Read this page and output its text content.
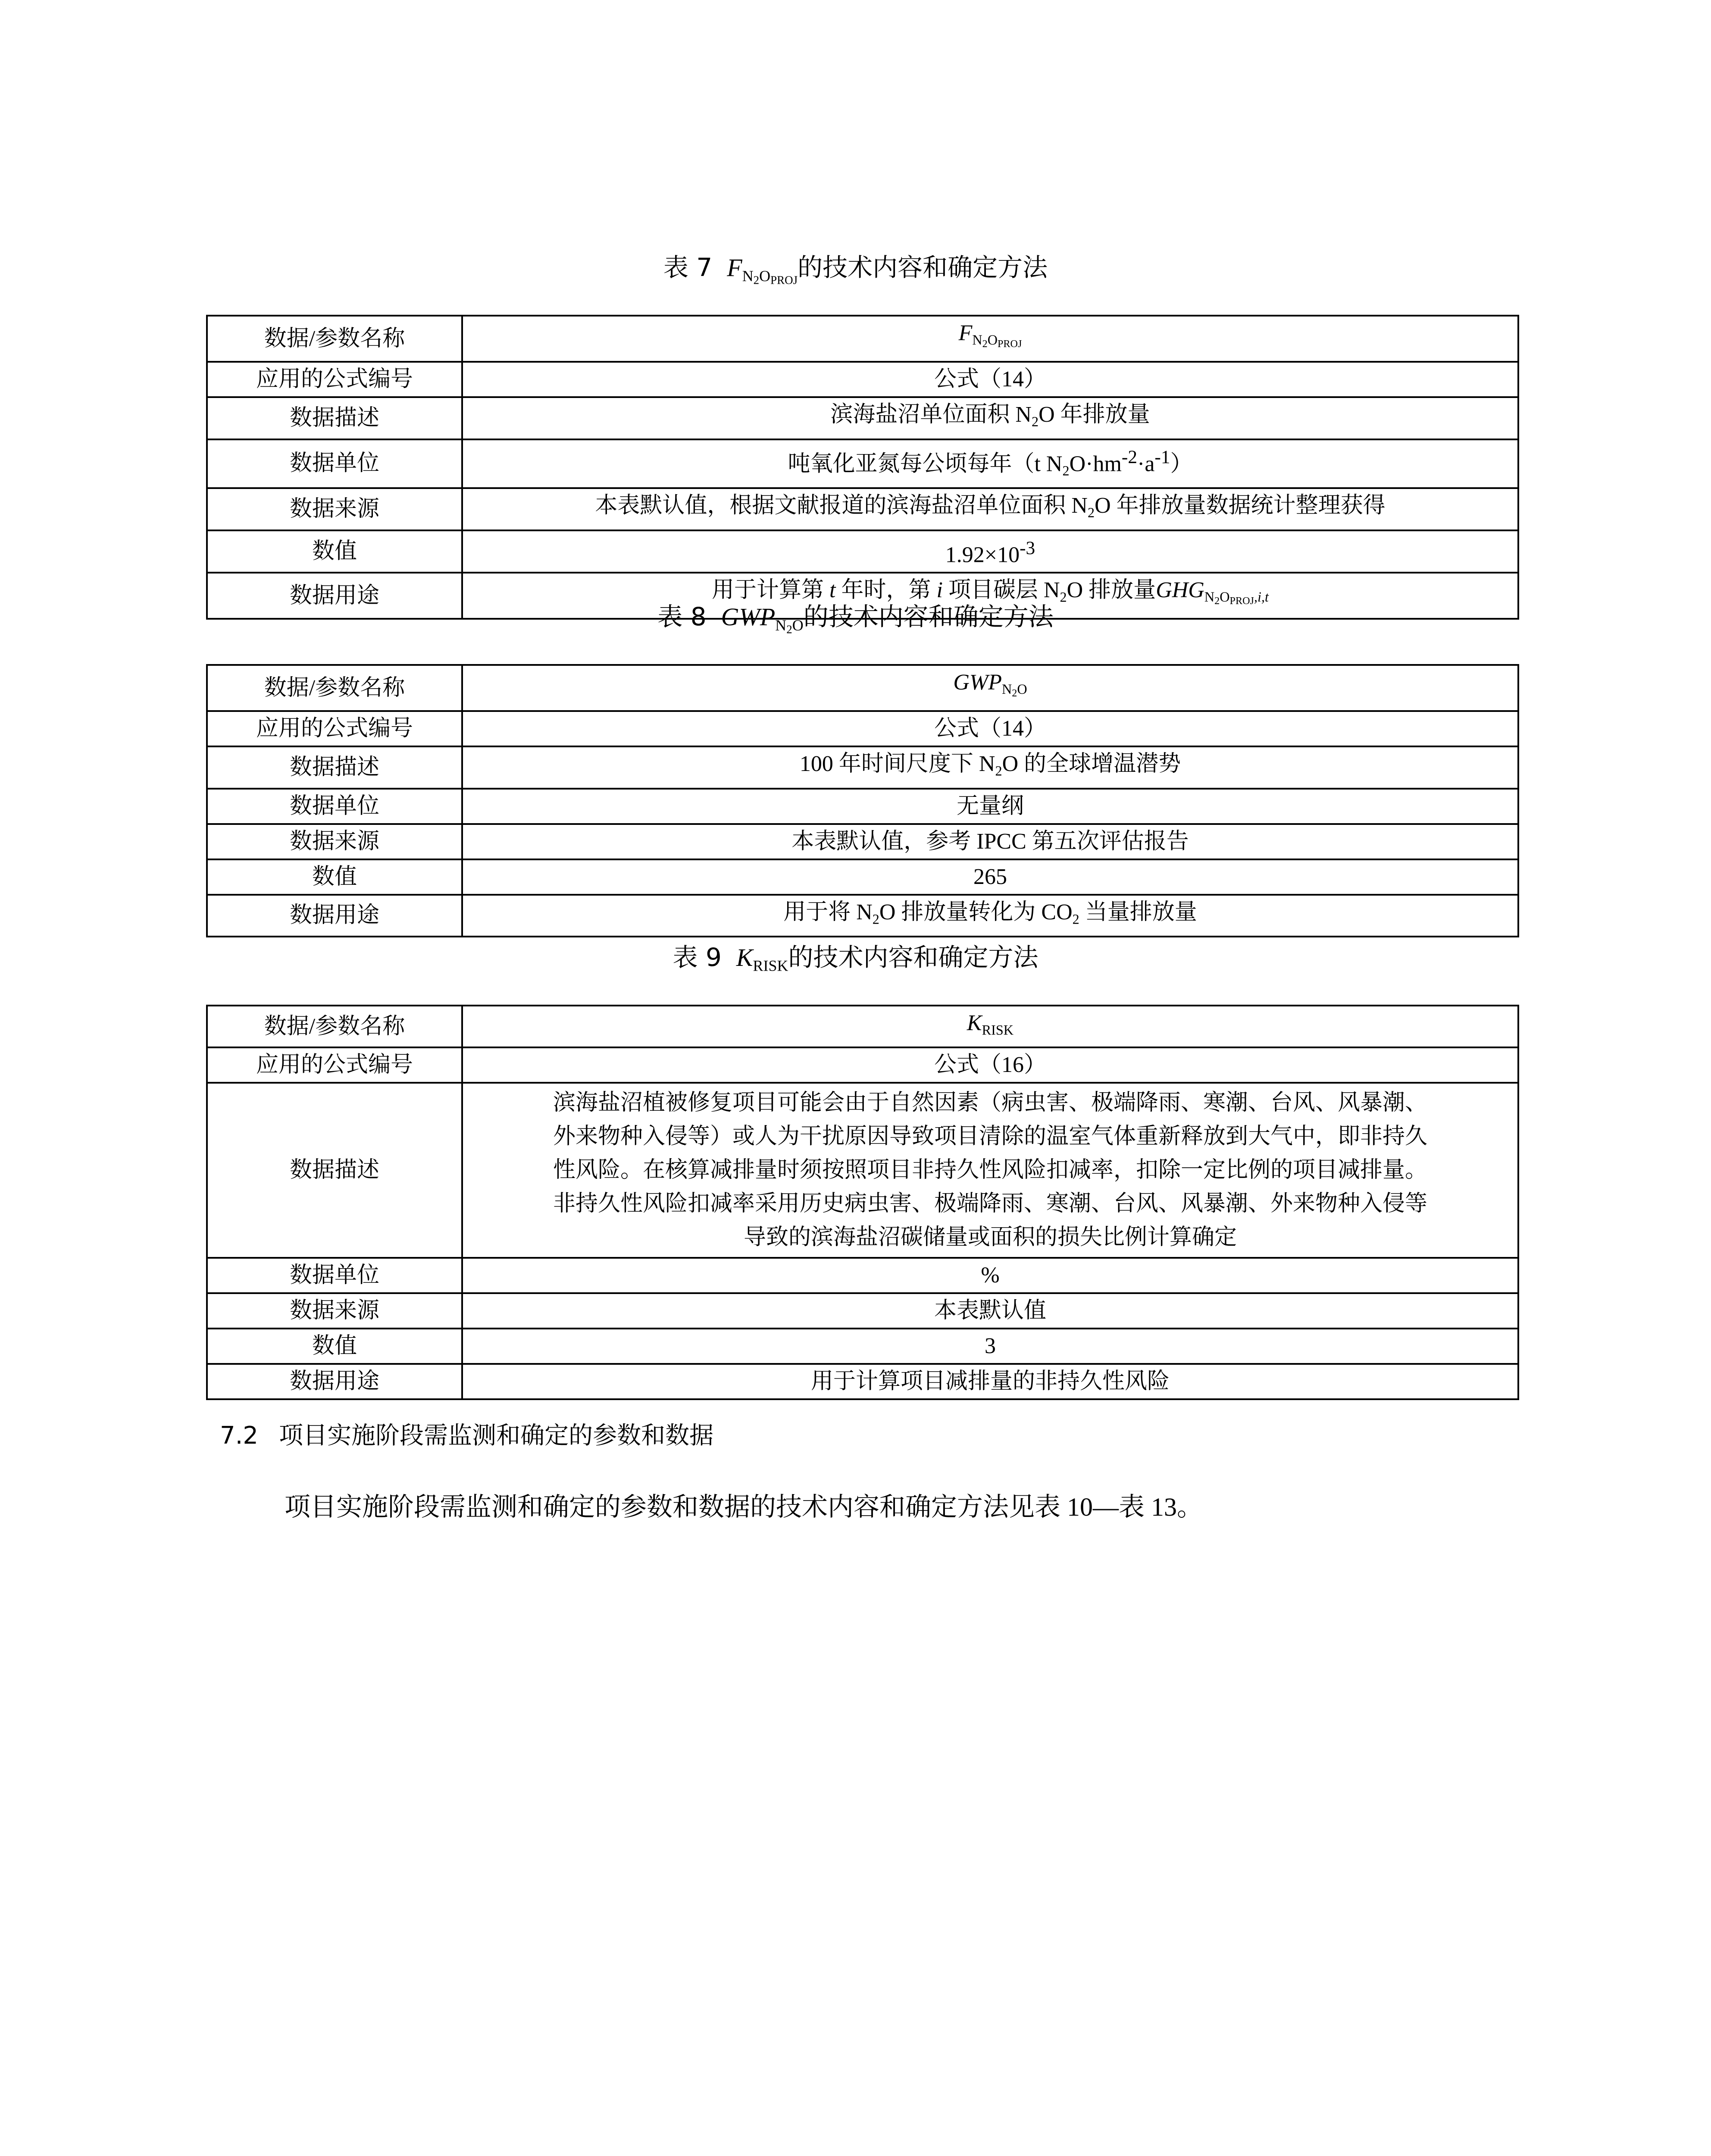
表 7 $F_{N_2O_{PROJ}}$的技术内容和确定方法
数据/参数名称	$F_{N_2O_{PROJ}}$
应用的公式编号	公式（14）
数据描述	滨海盐沼单位面积 $N_2O$ 年排放量
数据单位	吨氧化亚氮每公顷每年（t $N_2O\cdot hm^{-2}\cdot a^{-1}$）
数据来源	本表默认值，根据文献报道的滨海盐沼单位面积 $N_2O$ 年排放量数据统计整理获得
数值	$1.92\times 10^{-3}$
数据用途	用于计算第 t 年时，第 i 项目碳层 $N_2O$ 排放量$GHG_{N_2O_{PROJ},i,t}$
表 8 $GWP_{N_2O}$的技术内容和确定方法
数据/参数名称	$GWP_{N_2O}$
应用的公式编号	公式（14）
数据描述	100 年时间尺度下 $N_2O$ 的全球增温潜势
数据单位	无量纲
数据来源	本表默认值，参考 IPCC 第五次评估报告
数值	265
数据用途	用于将 $N_2O$ 排放量转化为 $CO_2$ 当量排放量
表 9 $K_{RISK}$的技术内容和确定方法
数据/参数名称	$K_{RISK}$
应用的公式编号	公式（16）
数据描述	滨海盐沼植被修复项目可能会由于自然因素（病虫害、极端降雨、寒潮、台风、风暴潮、
外来物种入侵等）或人为干扰原因导致项目清除的温室气体重新释放到大气中，即非持久
性风险。在核算减排量时须按照项目非持久性风险扣减率，扣除一定比例的项目减排量。
非持久性风险扣减率采用历史病虫害、极端降雨、寒潮、台风、风暴潮、外来物种入侵等
导致的滨海盐沼碳储量或面积的损失比例计算确定

数据单位	%
数据来源	本表默认值
数值	3
数据用途	用于计算项目减排量的非持久性风险
7.2 项目实施阶段需监测和确定的参数和数据
项目实施阶段需监测和确定的参数和数据的技术内容和确定方法见表 10—表 13。
